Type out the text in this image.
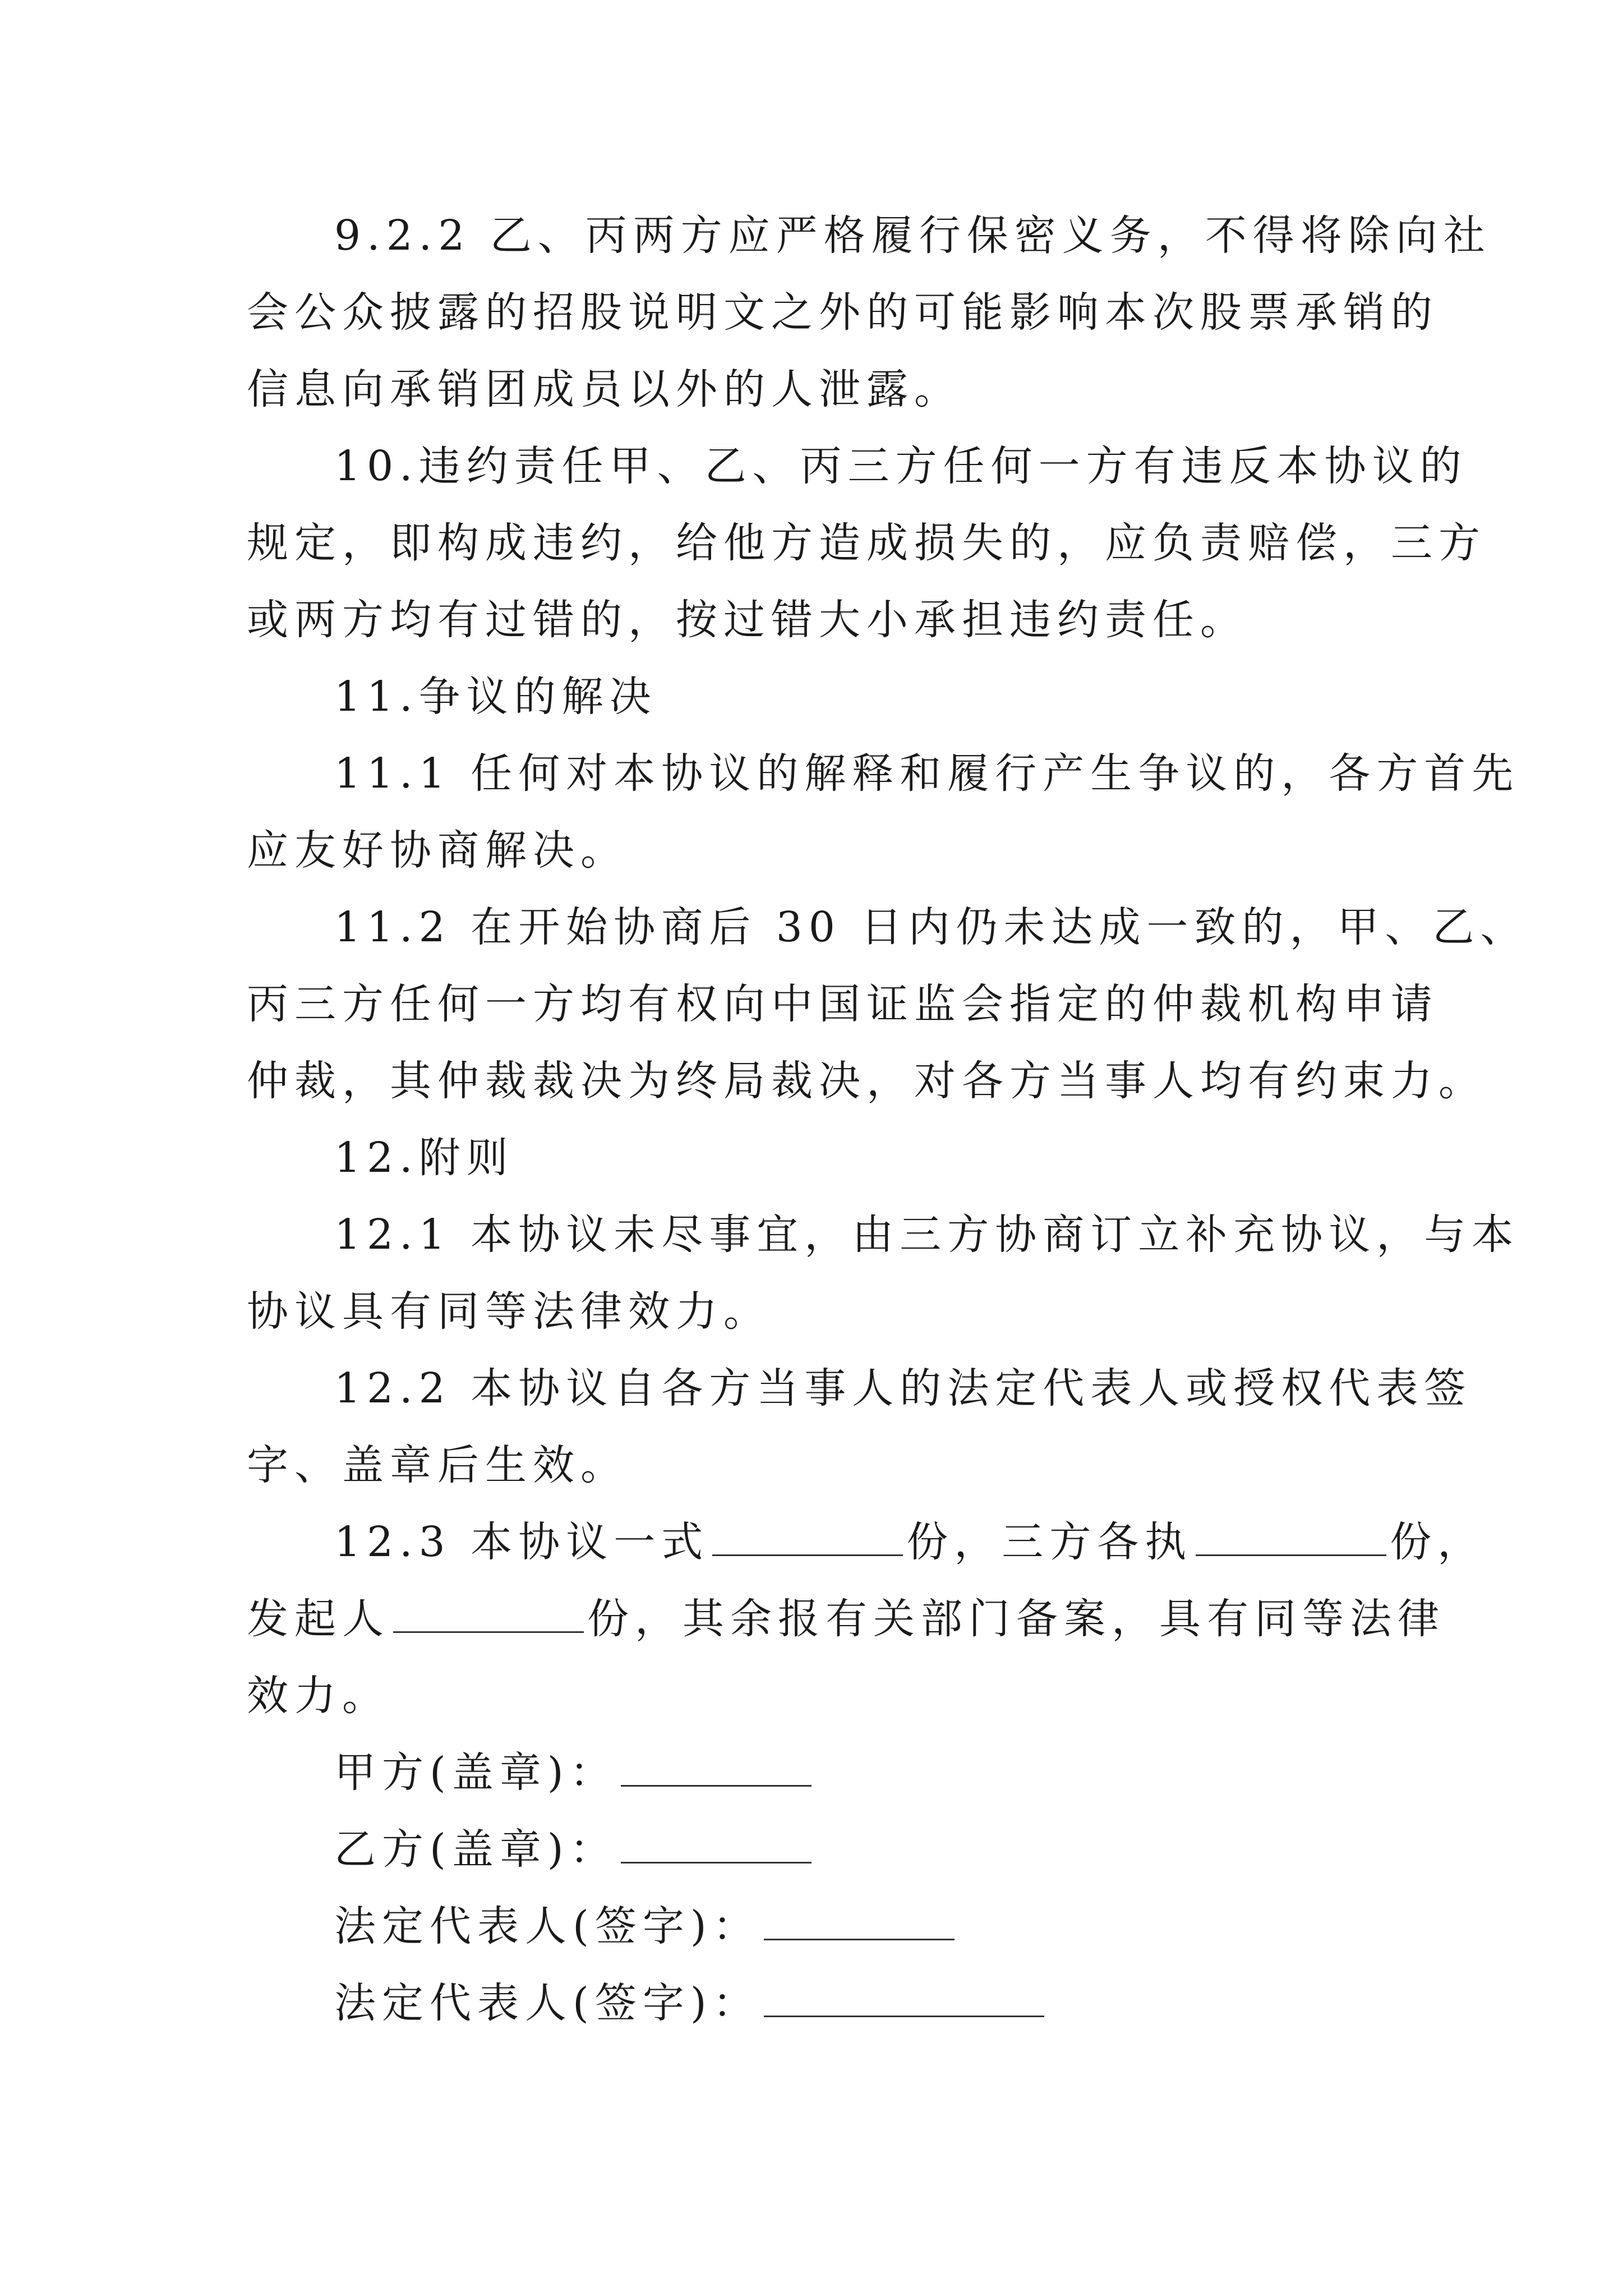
9.2.2 乙、丙两方应严格履行保密义务，不得将除向社
会公众披露的招股说明文之外的可能影响本次股票承销的
信息向承销团成员以外的人泄露。
10.违约责任甲、乙、丙三方任何一方有违反本协议的
规定，即构成违约，给他方造成损失的，应负责赔偿，三方
或两方均有过错的，按过错大小承担违约责任。
11.争议的解决
11.1 任何对本协议的解释和履行产生争议的，各方首先
应友好协商解决。
11.2 在开始协商后 30 日内仍未达成一致的，甲、乙、
丙三方任何一方均有权向中国证监会指定的仲裁机构申请
仲裁，其仲裁裁决为终局裁决，对各方当事人均有约束力。
12.附则
12.1 本协议未尽事宜，由三方协商订立补充协议，与本
协议具有同等法律效力。
12.2 本协议自各方当事人的法定代表人或授权代表签
字、盖章后生效。
12.3 本协议一式	份，三方各执	份，
发起人	份，其余报有关部门备案，具有同等法律
效力。
甲方(盖章)：
乙方(盖章)：
法定代表人(签字)：
法定代表人(签字)：
